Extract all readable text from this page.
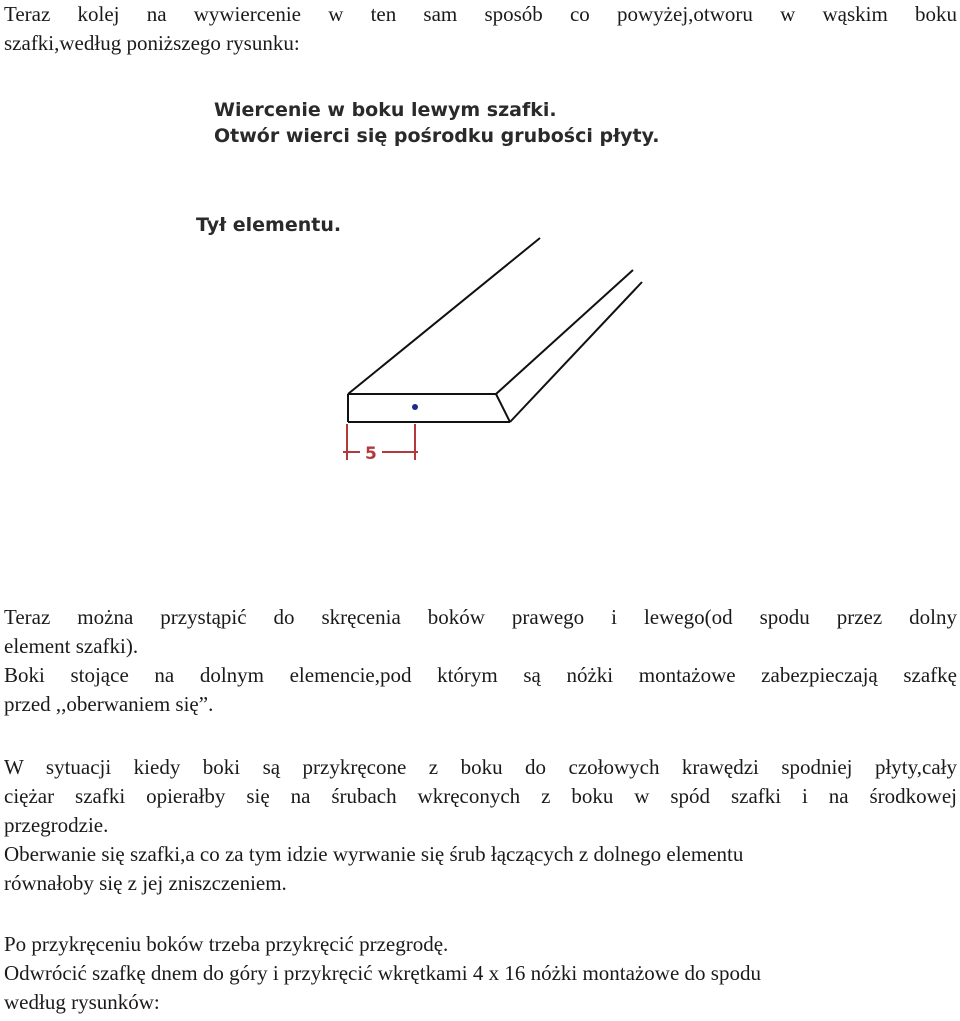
Teraz kolej na wywiercenie w ten sam sposób co powyżej,otworu w wąskim boku
szafki,według poniższego rysunku:
Wiercenie w boku lewym szafki.
Otwór wierci się pośrodku grubości płyty.
Tył elementu.
5
Teraz można przystąpić do skręcenia boków prawego i lewego(od spodu przez dolny
element szafki).
Boki stojące na dolnym elemencie,pod którym są nóżki montażowe zabezpieczają szafkę
przed ,,oberwaniem się”.
W sytuacji kiedy boki są przykręcone z boku do czołowych krawędzi spodniej płyty,cały
ciężar szafki opierałby się na śrubach wkręconych z boku w spód szafki i na środkowej
przegrodzie.
Oberwanie się szafki,a co za tym idzie wyrwanie się śrub łączących z dolnego elementu
równałoby się z jej zniszczeniem.
Po przykręceniu boków trzeba przykręcić przegrodę.
Odwrócić szafkę dnem do góry i przykręcić wkrętkami 4 x 16 nóżki montażowe do spodu
według rysunków:
